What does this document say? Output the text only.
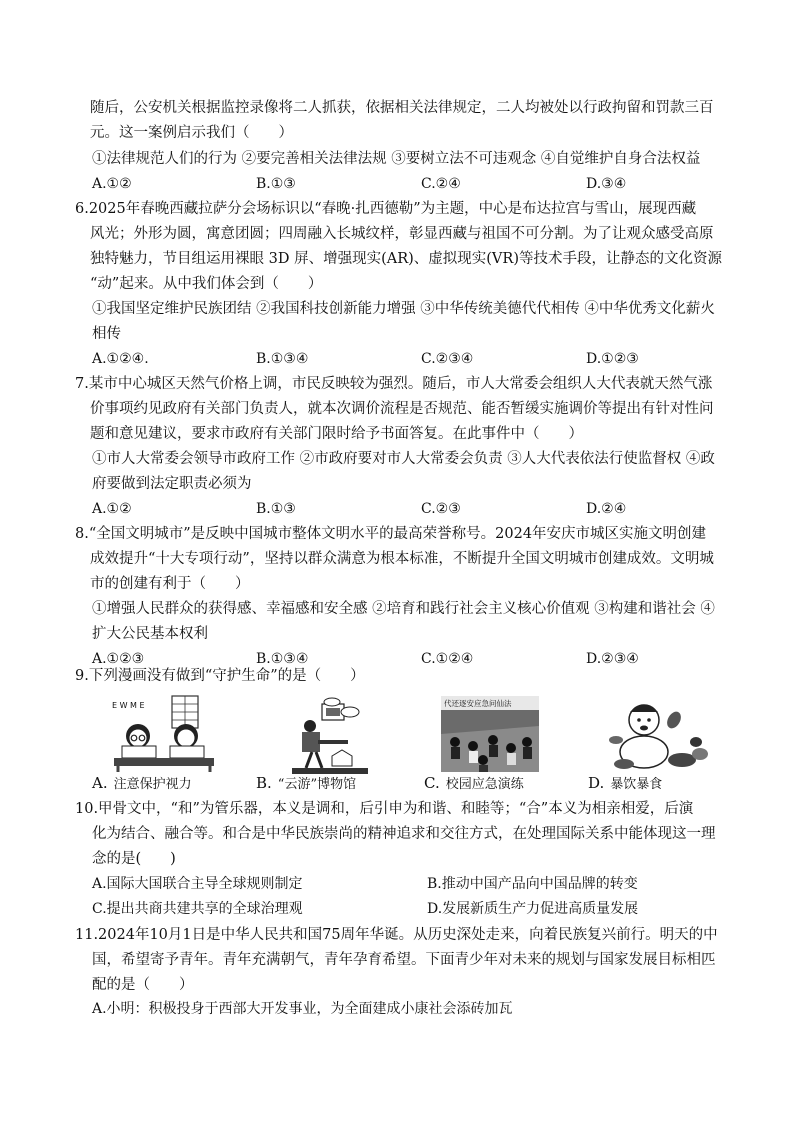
随后，公安机关根据监控录像将二人抓获，依据相关法律规定，二人均被处以行政拘留和罚款三百
元。这一案例启示我们（　　）
①法律规范人们的行为 ②要完善相关法律法规 ③要树立法不可违观念 ④自觉维护自身合法权益
A.①②	B.①③	C.②④	D.③④
6.2025年春晚西藏拉萨分会场标识以“春晚·扎西德勒”为主题，中心是布达拉宫与雪山，展现西藏
风光；外形为圆，寓意团圆；四周融入长城纹样，彰显西藏与祖国不可分割。为了让观众感受高原
独特魅力，节目组运用裸眼 3D 屏、增强现实(AR)、虚拟现实(VR)等技术手段，让静态的文化资源
“动”起来。从中我们体会到（　　）
①我国坚定维护民族团结 ②我国科技创新能力增强 ③中华传统美德代代相传 ④中华优秀文化薪火
相传
A.①②④.	B.①③④	C.②③④	D.①②③
7.某市中心城区天然气价格上调，市民反映较为强烈。随后，市人大常委会组织人大代表就天然气涨
价事项约见政府有关部门负责人，就本次调价流程是否规范、能否暂缓实施调价等提出有针对性问
题和意见建议，要求市政府有关部门限时给予书面答复。在此事件中（　　）
①市人大常委会领导市政府工作 ②市政府要对市人大常委会负责 ③人大代表依法行使监督权 ④政
府要做到法定职责必须为
A.①②	B.①③	C.②③	D.②④
8.“全国文明城市”是反映中国城市整体文明水平的最高荣誉称号。2024年安庆市城区实施文明创建
成效提升“十大专项行动”，坚持以群众满意为根本标准，不断提升全国文明城市创建成效。文明城
市的创建有利于（　　）
①增强人民群众的获得感、幸福感和安全感 ②培育和践行社会主义核心价值观 ③构建和谐社会 ④
扩大公民基本权利
A.①②③	B.①③④	C.①②④	D.②③④
9.下列漫画没有做到“守护生命”的是（　　）
E W M E
A. 注意保护视力	B. “云游”博物馆
代还逐安应急问仙法
C. 校园应急演练	D. 暴饮暴食
10.甲骨文中，“和”为管乐器，本义是调和，后引申为和谐、和睦等；“合”本义为相亲相爱，后演
化为结合、融合等。和合是中华民族崇尚的精神追求和交往方式，在处理国际关系中能体现这一理
念的是(　　)
A.国际大国联合主导全球规则制定	B.推动中国产品向中国品牌的转变
C.提出共商共建共享的全球治理观	D.发展新质生产力促进高质量发展
11.2024年10月1日是中华人民共和国75周年华诞。从历史深处走来，向着民族复兴前行。明天的中
国，希望寄予青年。青年充满朝气，青年孕育希望。下面青少年对未来的规划与国家发展目标相匹
配的是（　　）
A.小明：积极投身于西部大开发事业，为全面建成小康社会添砖加瓦
